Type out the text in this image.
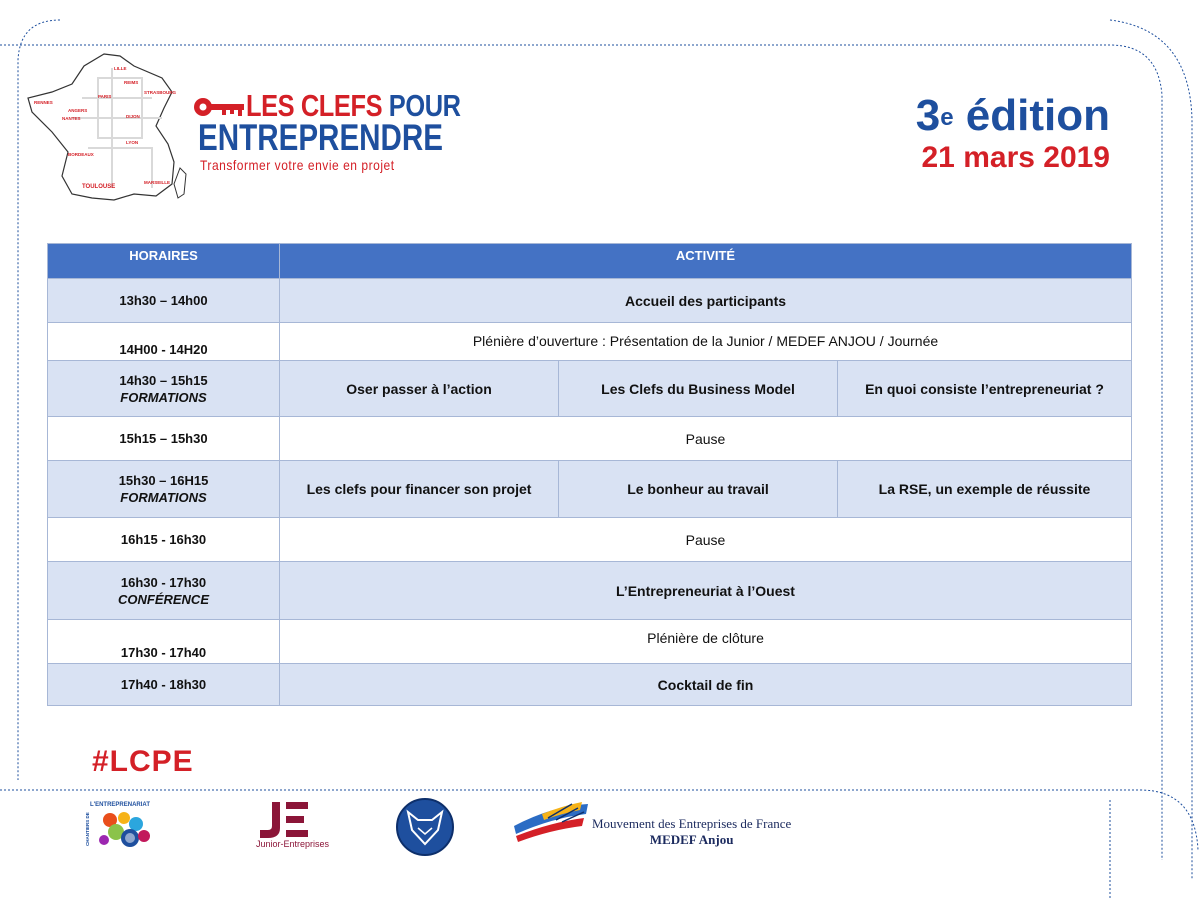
LILLE
REIMS
STRASBOURG
PARIS
RENNES
ANGERS
NANTES	DIJON
LYON
BORDEAUX
TOULOUSE
MARSEILLE
LES CLEFS POUR
ENTREPRENDRE
Transformer votre envie en projet
3e édition
21 mars 2019
HORAIRES	ACTIVITÉ		
13h30 – 14h00	Accueil des participants		
14H00 - 14H20	Plénière d’ouverture : Présentation de la Junior / MEDEF ANJOU / Journée		
14h30 – 15h15
FORMATIONS	Oser passer à l’action	Les Clefs du Business Model	En quoi consiste l’entrepreneuriat ?
15h15 – 15h30	Pause		
15h30 – 16H15
FORMATIONS	Les clefs pour financer son projet	Le bonheur au travail	La RSE, un exemple de réussite
16h15 - 16h30	Pause		
16h30 - 17h30
CONFÉRENCE	L’Entrepreneuriat à l’Ouest		
17h30 - 17h40	Plénière de clôture		
17h40 - 18h30	Cocktail de fin		
#LCPE
L'ENTREPRENARIAT
CHANTIERS DE	Junior-Entreprises
Mouvement des Entreprises de France
MEDEF Anjou
